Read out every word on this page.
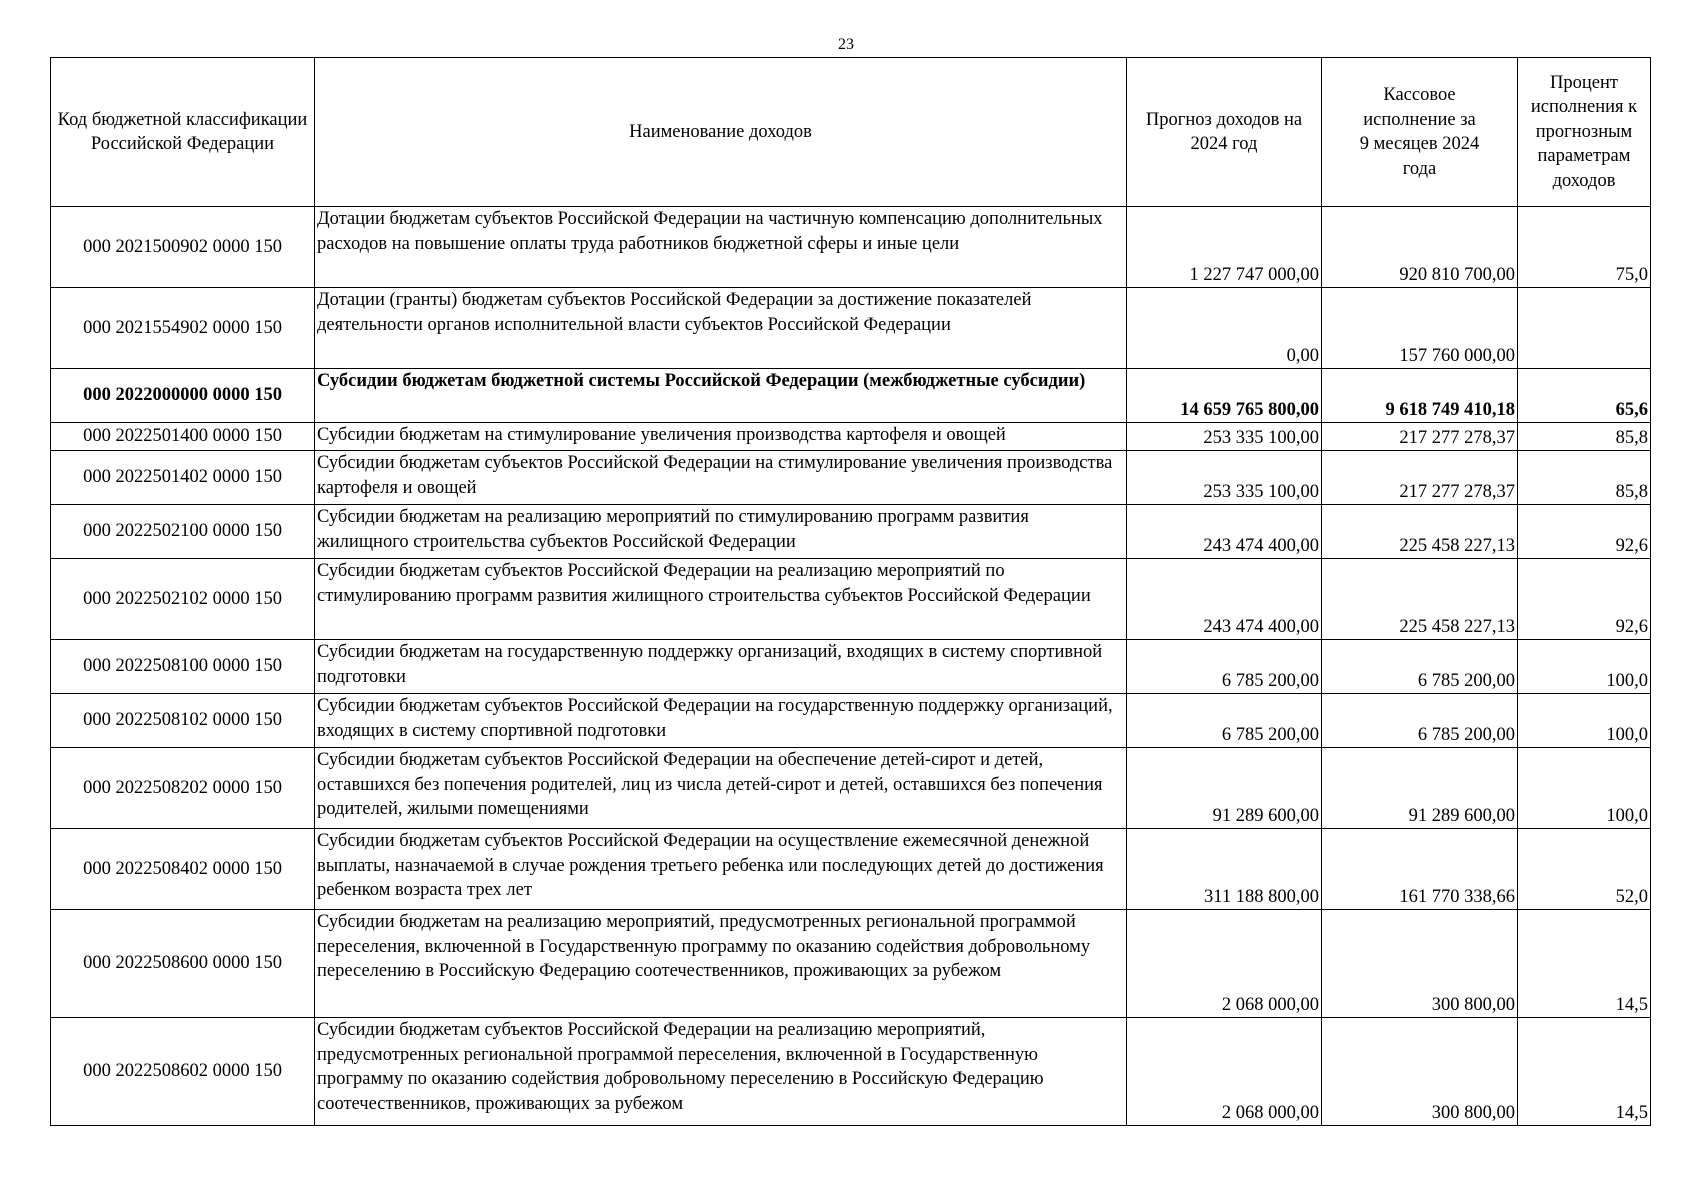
23
Код бюджетной классификации Российской Федерации	Наименование доходов	Прогноз доходов на 2024 год	Кассовое исполнение за 9 месяцев 2024 года	Процент исполнения к прогнозным параметрам доходов
000 2021500902 0000 150	Дотации бюджетам субъектов Российской Федерации на частичную компенсацию дополнительных расходов на повышение оплаты труда работников бюджетной сферы и иные цели	1 227 747 000,00	920 810 700,00	75,0
000 2021554902 0000 150	Дотации (гранты) бюджетам субъектов Российской Федерации за достижение показателей деятельности органов исполнительной власти субъектов Российской Федерации	0,00	157 760 000,00	
000 2022000000 0000 150	Субсидии бюджетам бюджетной системы Российской Федерации (межбюджетные субсидии)	14 659 765 800,00	9 618 749 410,18	65,6
000 2022501400 0000 150	Субсидии бюджетам на стимулирование увеличения производства картофеля и овощей	253 335 100,00	217 277 278,37	85,8
000 2022501402 0000 150	Субсидии бюджетам субъектов Российской Федерации на стимулирование увеличения производства картофеля и овощей	253 335 100,00	217 277 278,37	85,8
000 2022502100 0000 150	Субсидии бюджетам на реализацию мероприятий по стимулированию программ развития жилищного строительства субъектов Российской Федерации	243 474 400,00	225 458 227,13	92,6
000 2022502102 0000 150	Субсидии бюджетам субъектов Российской Федерации на реализацию мероприятий по стимулированию программ развития жилищного строительства субъектов Российской Федерации	243 474 400,00	225 458 227,13	92,6
000 2022508100 0000 150	Субсидии бюджетам на государственную поддержку организаций, входящих в систему спортивной подготовки	6 785 200,00	6 785 200,00	100,0
000 2022508102 0000 150	Субсидии бюджетам субъектов Российской Федерации на государственную поддержку организаций, входящих в систему спортивной подготовки	6 785 200,00	6 785 200,00	100,0
000 2022508202 0000 150	Субсидии бюджетам субъектов Российской Федерации на обеспечение детей-сирот и детей, оставшихся без попечения родителей, лиц из числа детей-сирот и детей, оставшихся без попечения родителей, жилыми помещениями	91 289 600,00	91 289 600,00	100,0
000 2022508402 0000 150	Субсидии бюджетам субъектов Российской Федерации на осуществление ежемесячной денежной выплаты, назначаемой в случае рождения третьего ребенка или последующих детей до достижения ребенком возраста трех лет	311 188 800,00	161 770 338,66	52,0
000 2022508600 0000 150	Субсидии бюджетам на реализацию мероприятий, предусмотренных региональной программой переселения, включенной в Государственную программу по оказанию содействия добровольному переселению в Российскую Федерацию соотечественников, проживающих за рубежом	2 068 000,00	300 800,00	14,5
000 2022508602 0000 150	Субсидии бюджетам субъектов Российской Федерации на реализацию мероприятий, предусмотренных региональной программой переселения, включенной в Государственную программу по оказанию содействия добровольному переселению в Российскую Федерацию соотечественников, проживающих за рубежом	2 068 000,00	300 800,00	14,5
